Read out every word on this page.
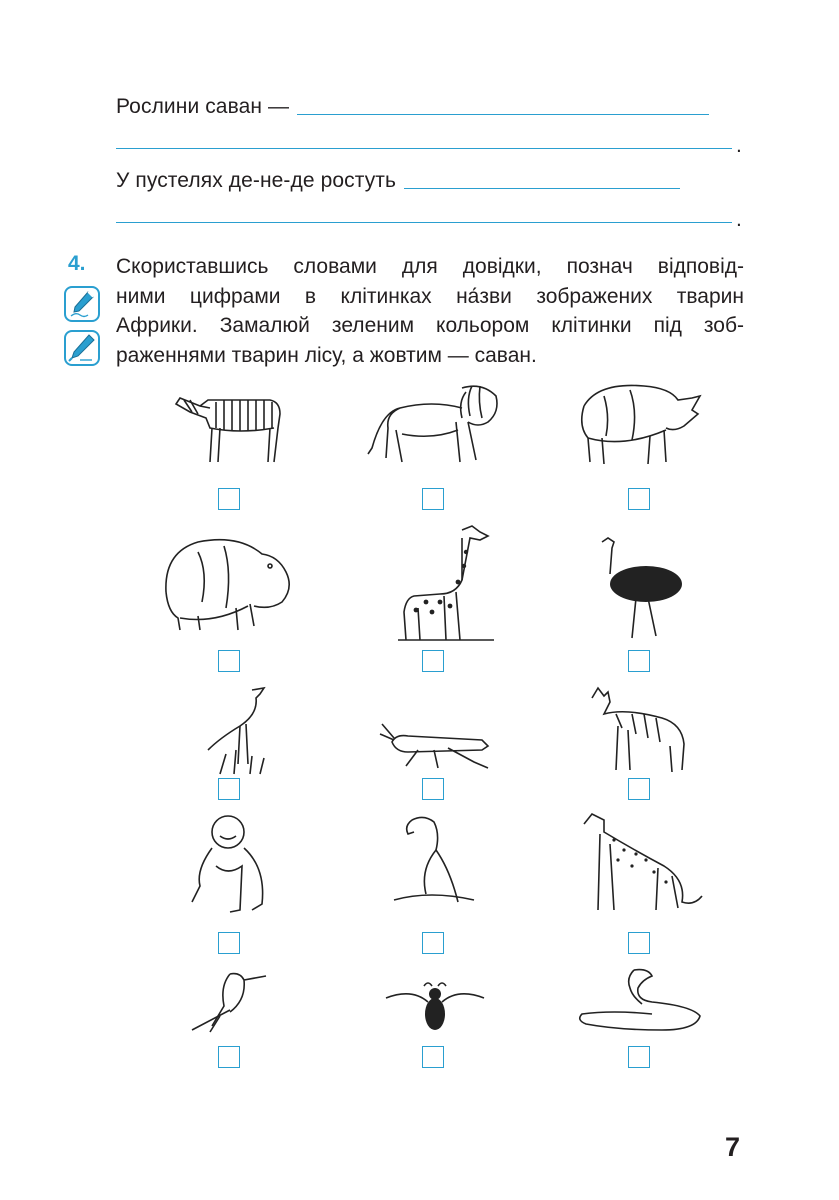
Рослини саван —
.
У пустелях де-не-де ростуть
.
4. Скориставшись словами для довідки, познач відповід-
ними цифрами в клітинках на́зви зображених тварин
Африки. Замалюй зеленим кольором клітинки під зоб-
раженнями тварин лісу, а жовтим — саван.
7
